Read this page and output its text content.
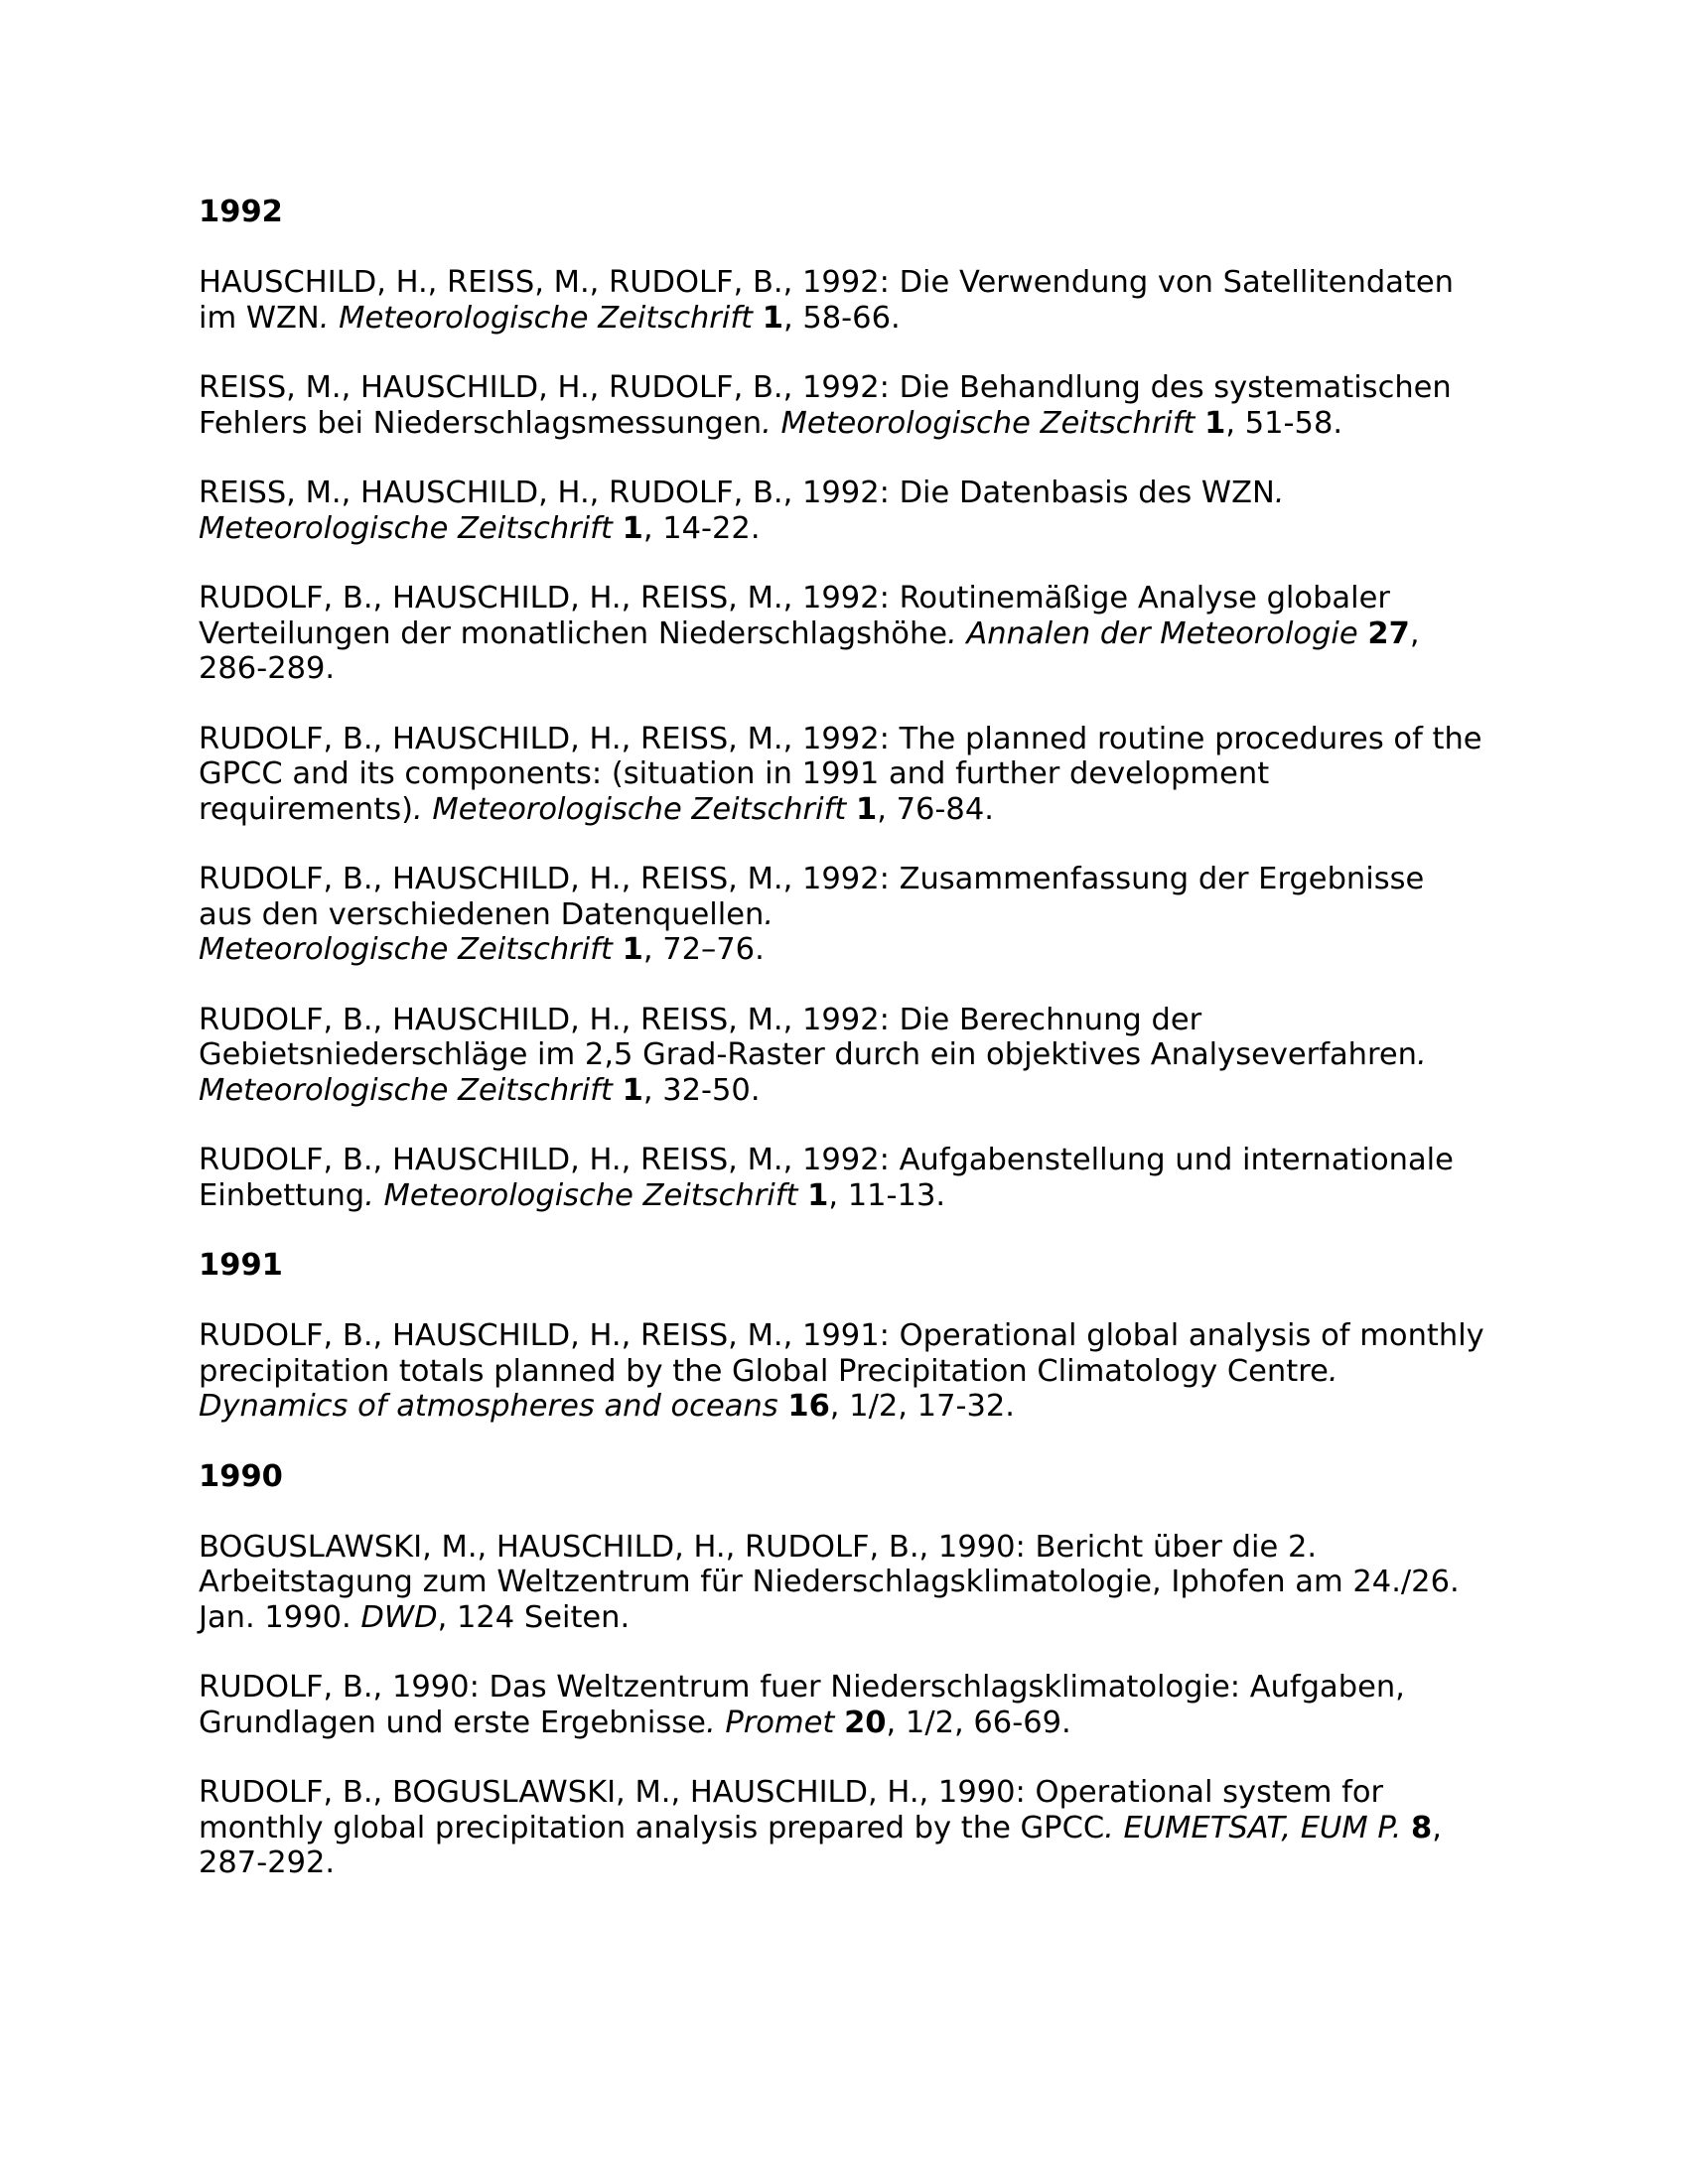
1992
HAUSCHILD, H., REISS, M., RUDOLF, B., 1992: Die Verwendung von Satellitendaten
im WZN. Meteorologische Zeitschrift 1, 58-66.
REISS, M., HAUSCHILD, H., RUDOLF, B., 1992: Die Behandlung des systematischen
Fehlers bei Niederschlagsmessungen. Meteorologische Zeitschrift 1, 51-58.
REISS, M., HAUSCHILD, H., RUDOLF, B., 1992: Die Datenbasis des WZN.
Meteorologische Zeitschrift 1, 14-22.
RUDOLF, B., HAUSCHILD, H., REISS, M., 1992: Routinemäßige Analyse globaler
Verteilungen der monatlichen Niederschlagshöhe. Annalen der Meteorologie 27,
286-289.
RUDOLF, B., HAUSCHILD, H., REISS, M., 1992: The planned routine procedures of the
GPCC and its components: (situation in 1991 and further development
requirements). Meteorologische Zeitschrift 1, 76-84.
RUDOLF, B., HAUSCHILD, H., REISS, M., 1992: Zusammenfassung der Ergebnisse
aus den verschiedenen Datenquellen.
Meteorologische Zeitschrift 1, 72–76.
RUDOLF, B., HAUSCHILD, H., REISS, M., 1992: Die Berechnung der
Gebietsniederschläge im 2,5 Grad-Raster durch ein objektives Analyseverfahren.
Meteorologische Zeitschrift 1, 32-50.
RUDOLF, B., HAUSCHILD, H., REISS, M., 1992: Aufgabenstellung und internationale
Einbettung. Meteorologische Zeitschrift 1, 11-13.
1991
RUDOLF, B., HAUSCHILD, H., REISS, M., 1991: Operational global analysis of monthly
precipitation totals planned by the Global Precipitation Climatology Centre.
Dynamics of atmospheres and oceans 16, 1/2, 17-32.
1990
BOGUSLAWSKI, M., HAUSCHILD, H., RUDOLF, B., 1990: Bericht über die 2.
Arbeitstagung zum Weltzentrum für Niederschlagsklimatologie, Iphofen am 24./26.
Jan. 1990. DWD, 124 Seiten.
RUDOLF, B., 1990: Das Weltzentrum fuer Niederschlagsklimatologie: Aufgaben,
Grundlagen und erste Ergebnisse. Promet 20, 1/2, 66-69.
RUDOLF, B., BOGUSLAWSKI, M., HAUSCHILD, H., 1990: Operational system for
monthly global precipitation analysis prepared by the GPCC. EUMETSAT, EUM P. 8,
287-292.
